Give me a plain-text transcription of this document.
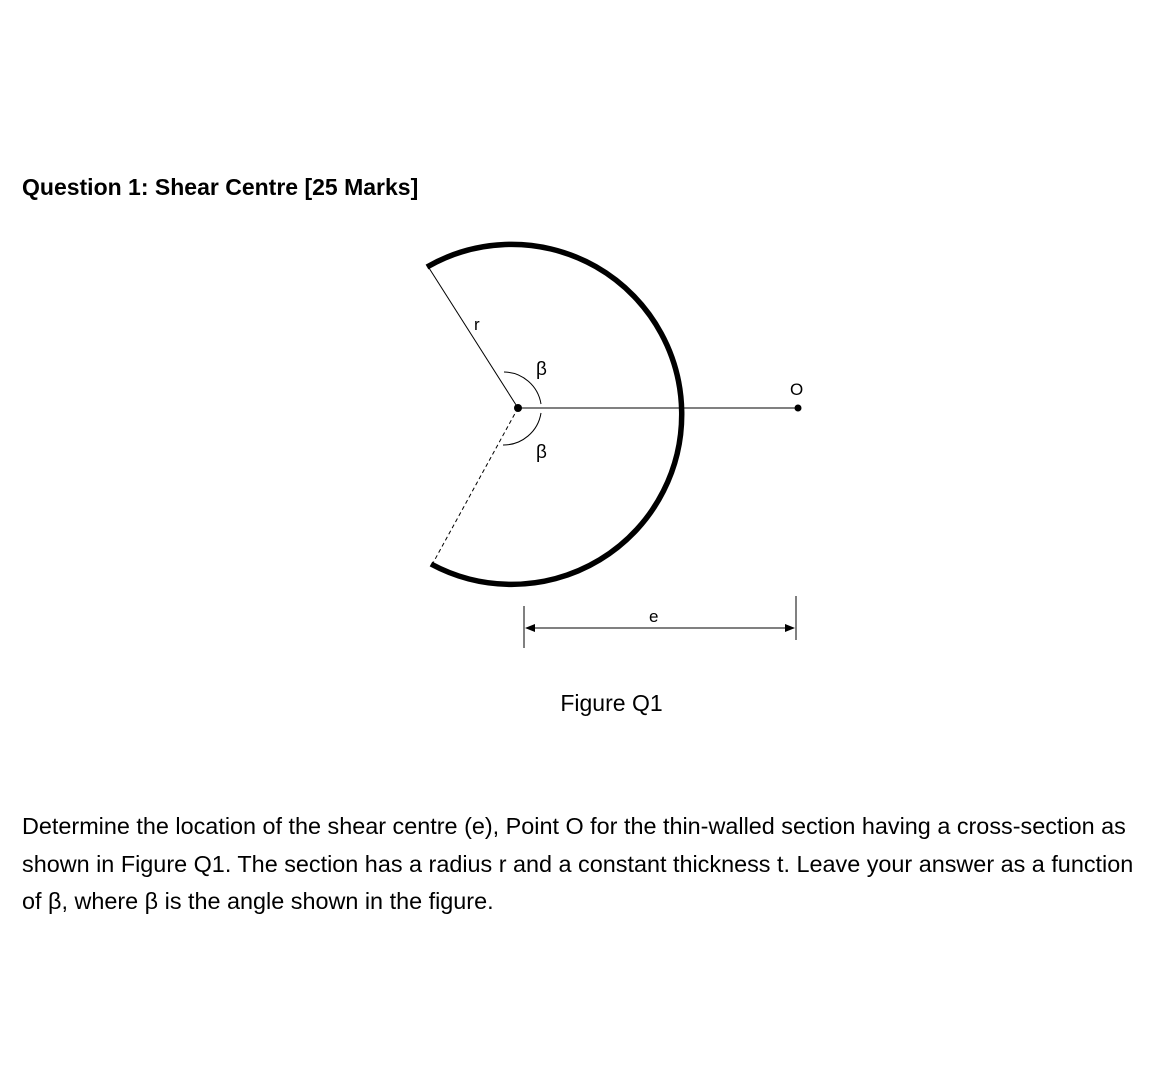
Question 1: Shear Centre [25 Marks]
r
β
β
O
e
Figure Q1
Determine the location of the shear centre (e), Point O for the thin-walled section having a cross-section as shown in Figure Q1. The section has a radius r and a constant thickness t. Leave your answer as a function of β, where β is the angle shown in the figure.
